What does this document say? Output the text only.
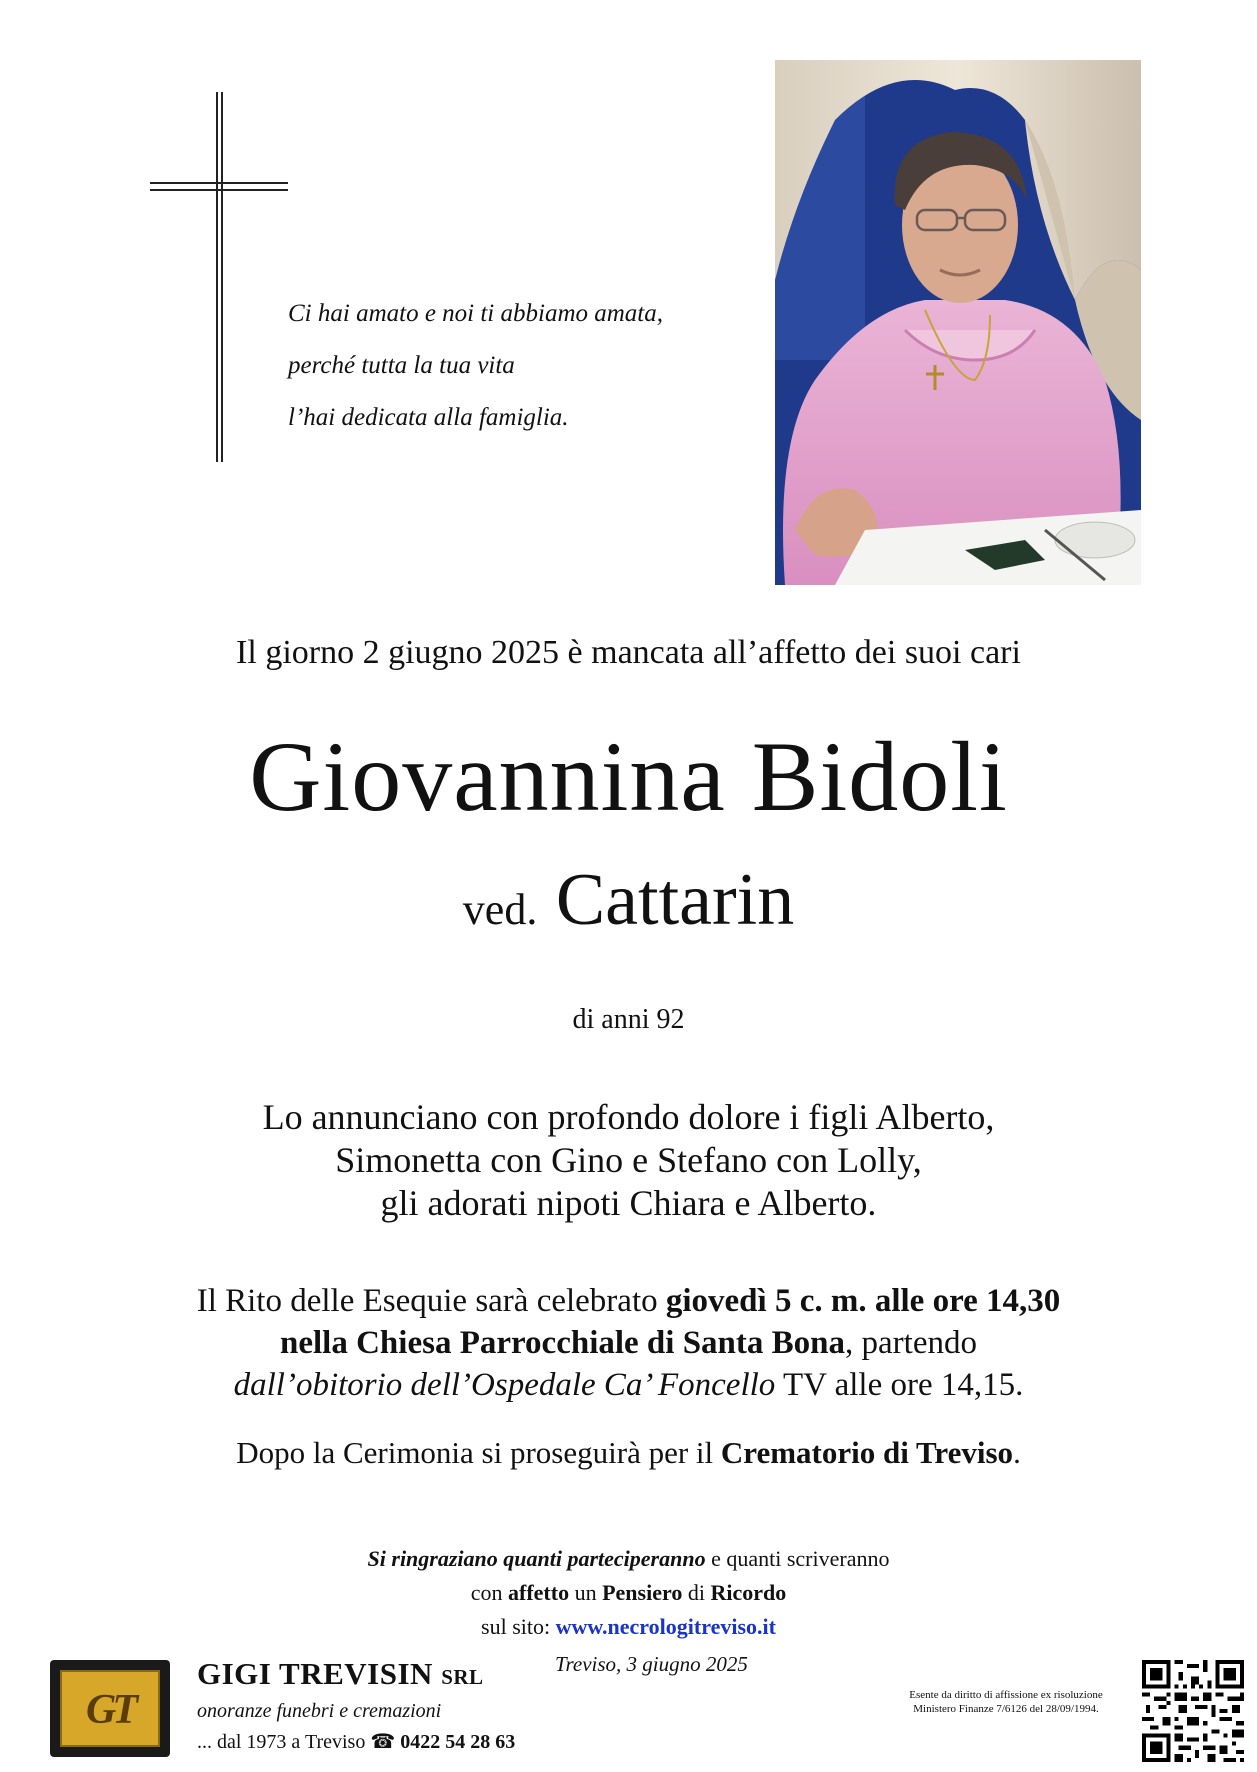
Ci hai amato e noi ti abbiamo amata,
perché tutta la tua vita
l’hai dedicata alla famiglia.
Il giorno 2 giugno 2025 è mancata all’affetto dei suoi cari
Giovannina Bidoli
ved. Cattarin
di anni 92
Lo annunciano con profondo dolore i figli Alberto,
Simonetta con Gino e Stefano con Lolly,
gli adorati nipoti Chiara e Alberto.
Il Rito delle Esequie sarà celebrato giovedì 5 c. m. alle ore 14,30
nella Chiesa Parrocchiale di Santa Bona, partendo
dall’obitorio dell’Ospedale Ca’ Foncello TV alle ore 14,15.
Dopo la Cerimonia si proseguirà per il Crematorio di Treviso.
Si ringraziano quanti parteciperanno e quanti scriveranno
con affetto un Pensiero di Ricordo
sul sito: www.necrologitreviso.it
GT
GIGI TREVISIN SRL
onoranze funebri e cremazioni
... dal 1973 a Treviso ☎ 0422 54 28 63
Treviso, 3 giugno 2025
Esente da diritto di affissione ex risoluzione
Ministero Finanze 7/6126 del 28/09/1994.
